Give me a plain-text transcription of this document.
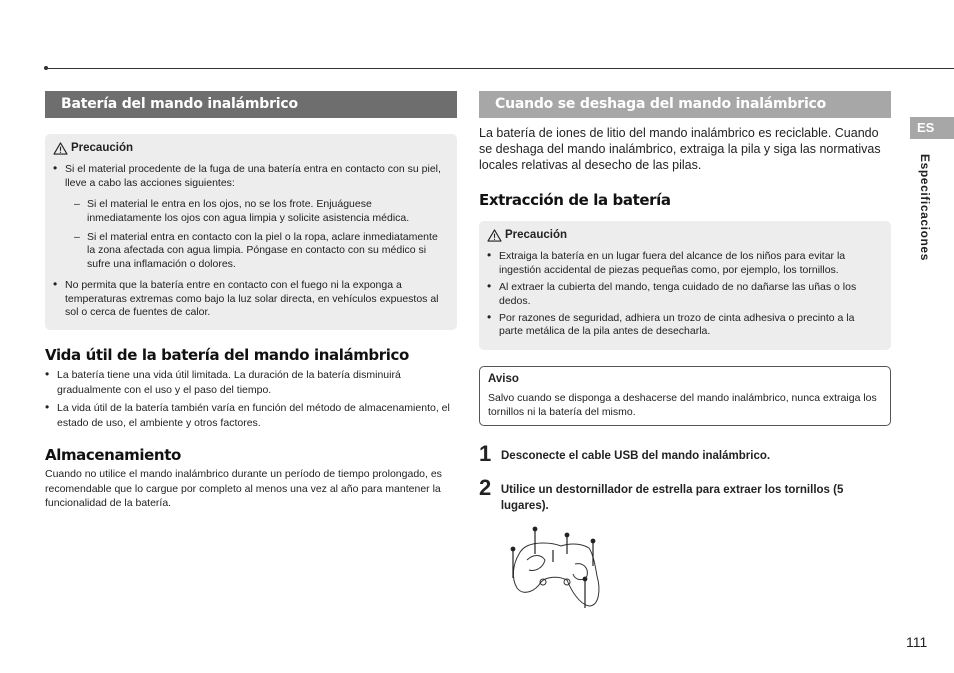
Batería del mando inalámbrico
Precaución
• Si el material procedente de la fuga de una batería entra en contacto con su piel, lleve a cabo las acciones siguientes:
– Si el material le entra en los ojos, no se los frote. Enjuáguese inmediatamente los ojos con agua limpia y solicite asistencia médica.
– Si el material entra en contacto con la piel o la ropa, aclare inmediatamente la zona afectada con agua limpia. Póngase en contacto con su médico si sufre una inflamación o dolores.
• No permita que la batería entre en contacto con el fuego ni la exponga a temperaturas extremas como bajo la luz solar directa, en vehículos expuestos al sol o cerca de fuentes de calor.
Vida útil de la batería del mando inalámbrico
• La batería tiene una vida útil limitada. La duración de la batería disminuirá gradualmente con el uso y el paso del tiempo.
• La vida útil de la batería también varía en función del método de almacenamiento, el estado de uso, el ambiente y otros factores.
Almacenamiento
Cuando no utilice el mando inalámbrico durante un período de tiempo prolongado, es recomendable que lo cargue por completo al menos una vez al año para mantener la funcionalidad de la batería.
Cuando se deshaga del mando inalámbrico
La batería de iones de litio del mando inalámbrico es reciclable. Cuando se deshaga del mando inalámbrico, extraiga la pila y siga las normativas locales relativas al desecho de las pilas.
Extracción de la batería
Precaución
• Extraiga la batería en un lugar fuera del alcance de los niños para evitar la ingestión accidental de piezas pequeñas como, por ejemplo, los tornillos.
• Al extraer la cubierta del mando, tenga cuidado de no dañarse las uñas o los dedos.
• Por razones de seguridad, adhiera un trozo de cinta adhesiva o precinto a la parte metálica de la pila antes de desecharla.
Aviso
Salvo cuando se disponga a deshacerse del mando inalámbrico, nunca extraiga los tornillos ni la batería del mismo.
1 Desconecte el cable USB del mando inalámbrico.
2 Utilice un destornillador de estrella para extraer los tornillos (5 lugares).
ES
Especificaciones
111
